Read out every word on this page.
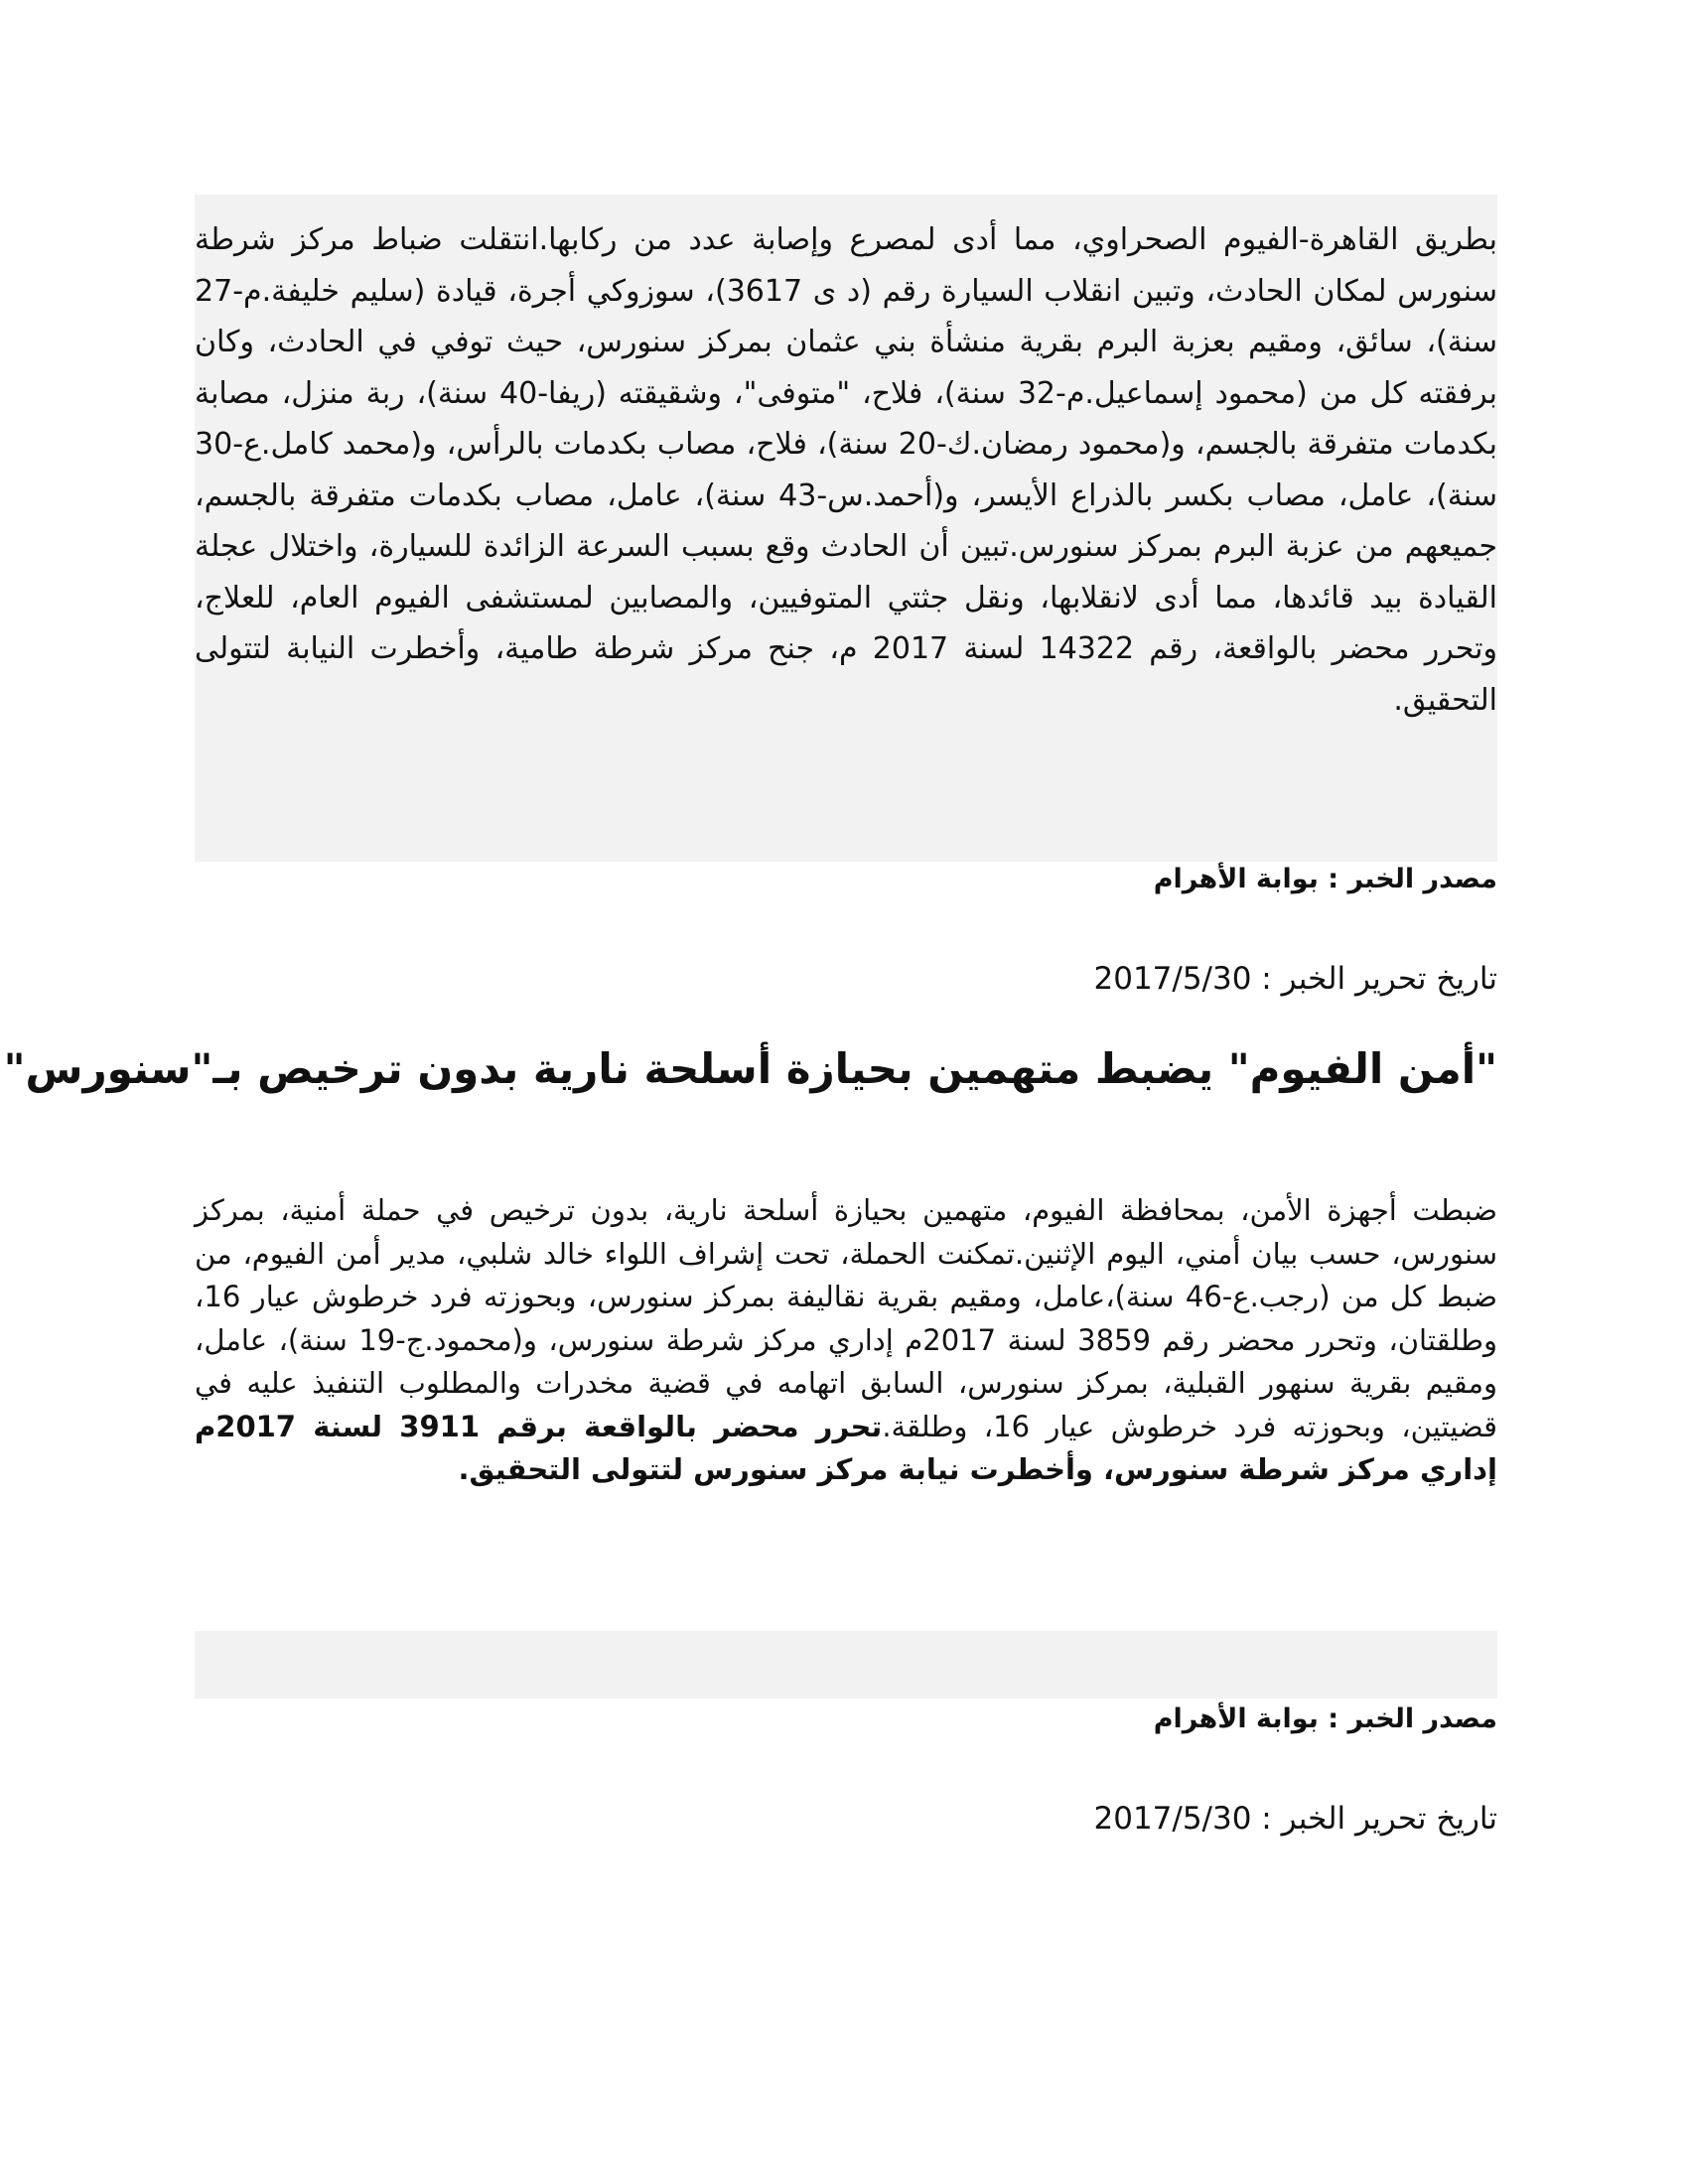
بطريق القاهرة-الفيوم الصحراوي، مما أدى لمصرع وإصابة عدد من ركابها.انتقلت ضباط مركز شرطة سنورس لمكان الحادث، وتبين انقلاب السيارة رقم (د ى 3617)، سوزوكي أجرة، قيادة (سليم خليفة.م-27 سنة)، سائق، ومقيم بعزبة البرم بقرية منشأة بني عثمان بمركز سنورس، حيث توفي في الحادث، وكان برفقته كل من (محمود إسماعيل.م-32 سنة)، فلاح، "متوفى"، وشقيقته (ريفا-40 سنة)، ربة منزل، مصابة بكدمات متفرقة بالجسم، و(محمود رمضان.ك-20 سنة)، فلاح، مصاب بكدمات بالرأس، و(محمد كامل.ع-30 سنة)، عامل، مصاب بكسر بالذراع الأيسر، و(أحمد.س-43 سنة)، عامل، مصاب بكدمات متفرقة بالجسم، جميعهم من عزبة البرم بمركز سنورس.تبين أن الحادث وقع بسبب السرعة الزائدة للسيارة، واختلال عجلة القيادة بيد قائدها، مما أدى لانقلابها، ونقل جثتي المتوفيين، والمصابين لمستشفى الفيوم العام، للعلاج، وتحرر محضر بالواقعة، رقم 14322 لسنة 2017 م، جنح مركز شرطة طامية، وأخطرت النيابة لتتولى التحقيق.

مصدر الخبر : بوابة الأهرام
تاريخ تحرير الخبر : 2017/5/30
"أمن الفيوم" يضبط متهمين بحيازة أسلحة نارية بدون ترخيص بـ"سنورس"

ضبطت أجهزة الأمن، بمحافظة الفيوم، متهمين بحيازة أسلحة نارية، بدون ترخيص في حملة أمنية، بمركز سنورس، حسب بيان أمني، اليوم الإثنين.تمكنت الحملة، تحت إشراف اللواء خالد شلبي، مدير أمن الفيوم، من ضبط كل من (رجب.ع-46 سنة)،عامل، ومقيم بقرية نقاليفة بمركز سنورس، وبحوزته فرد خرطوش عيار 16، وطلقتان، وتحرر محضر رقم 3859 لسنة 2017م إداري مركز شرطة سنورس، و(محمود.ج-19 سنة)، عامل، ومقيم بقرية سنهور القبلية، بمركز سنورس، السابق اتهامه في قضية مخدرات والمطلوب التنفيذ عليه في قضيتين، وبحوزته فرد خرطوش عيار 16، وطلقة.تحرر محضر بالواقعة برقم 3911 لسنة 2017م إداري مركز شرطة سنورس، وأخطرت نيابة مركز سنورس لتتولى التحقيق.

مصدر الخبر : بوابة الأهرام
تاريخ تحرير الخبر : 2017/5/30
